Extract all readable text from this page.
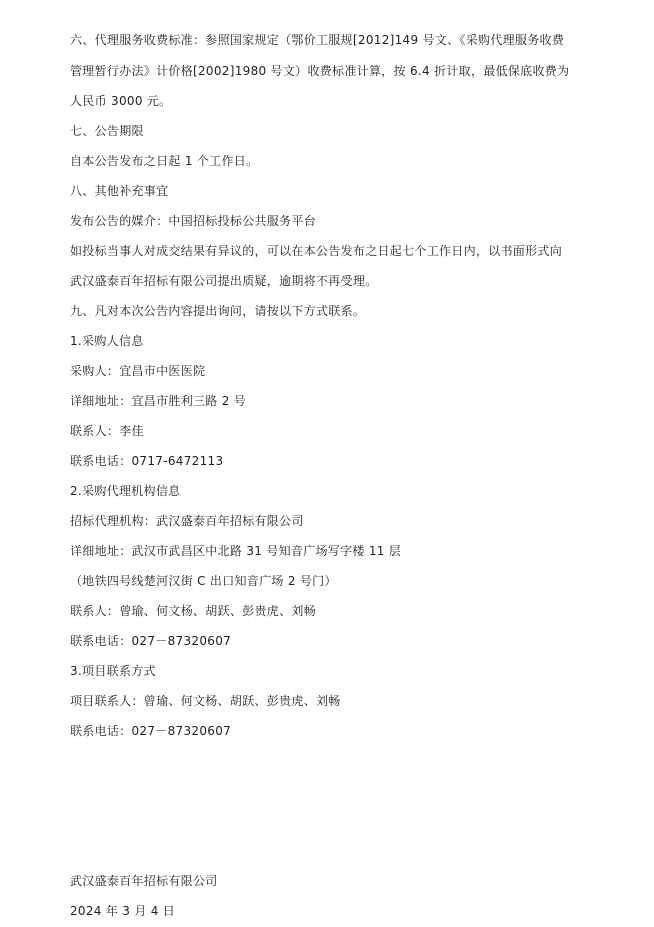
六、代理服务收费标准：参照国家规定（鄂价工服规[2012]149 号文、《采购代理服务收费
管理暂行办法》计价格[2002]1980 号文）收费标准计算，按 6.4 折计取，最低保底收费为
人民币 3000 元。
七、公告期限
自本公告发布之日起 1 个工作日。
八、其他补充事宜
发布公告的媒介：中国招标投标公共服务平台
如投标当事人对成交结果有异议的，可以在本公告发布之日起七个工作日内，以书面形式向
武汉盛泰百年招标有限公司提出质疑，逾期将不再受理。
九、凡对本次公告内容提出询问，请按以下方式联系。
1.采购人信息
采购人：宜昌市中医医院
详细地址：宜昌市胜利三路 2 号
联系人：李佳
联系电话：0717-6472113
2.采购代理机构信息
招标代理机构：武汉盛泰百年招标有限公司
详细地址：武汉市武昌区中北路 31 号知音广场写字楼 11 层
（地铁四号线楚河汉街 C 出口知音广场 2 号门）
联系人：曾瑜、何文杨、胡跃、彭贵虎、刘畅
联系电话：027－87320607
3.项目联系方式
项目联系人：曾瑜、何文杨、胡跃、彭贵虎、刘畅
联系电话：027－87320607
武汉盛泰百年招标有限公司
2024 年 3 月 4 日
